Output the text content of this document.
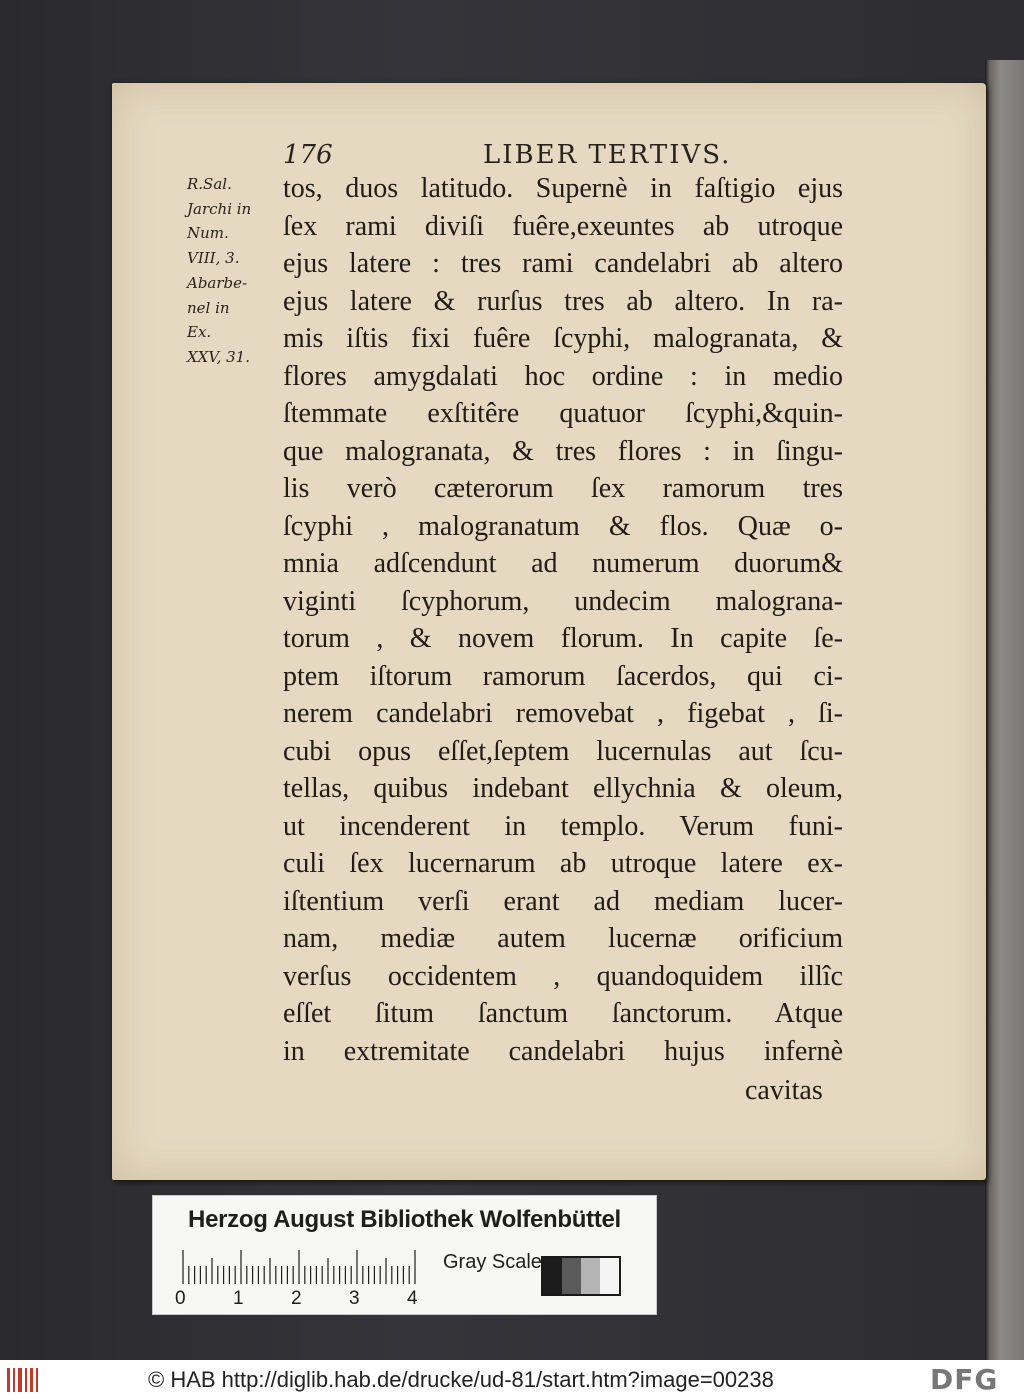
176	LIBER TERTIVS.
R.Sal.
Jarchi in
Num.
VIII, 3.
Abarbe-
nel in
Ex.
XXV, 31.
tos, duos latitudo. Supernè in faſtigio ejus
ſex rami diviſi fuêre,exeuntes ab utroque
ejus latere : tres rami candelabri ab altero
ejus latere & rurſus tres ab altero. In ra-
mis iſtis fixi fuêre ſcyphi, malogranata, &
flores amygdalati hoc ordine : in medio
ſtemmate exſtitêre quatuor ſcyphi,&quin-
que malogranata, & tres flores : in ſingu-
lis verò cæterorum ſex ramorum tres
ſcyphi , malogranatum & flos. Quæ o-
mnia adſcendunt ad numerum duorum&
viginti ſcyphorum, undecim malograna-
torum , & novem florum. In capite ſe-
ptem iſtorum ramorum ſacerdos, qui ci-
nerem candelabri removebat , figebat , ſi-
cubi opus eſſet,ſeptem lucernulas aut ſcu-
tellas, quibus indebant ellychnia & oleum,
ut incenderent in templo. Verum funi-
culi ſex lucernarum ab utroque latere ex-
iſtentium verſi erant ad mediam lucer-
nam, mediæ autem lucernæ orificium
verſus occidentem , quandoquidem illîc
eſſet ſitum ſanctum ſanctorum. Atque
in extremitate candelabri hujus infernè
cavitas
Herzog August Bibliothek Wolfenbüttel
0 1 2 3 4
Gray Scale
© HAB http://diglib.hab.de/drucke/ud-81/start.htm?image=00238	DFG
